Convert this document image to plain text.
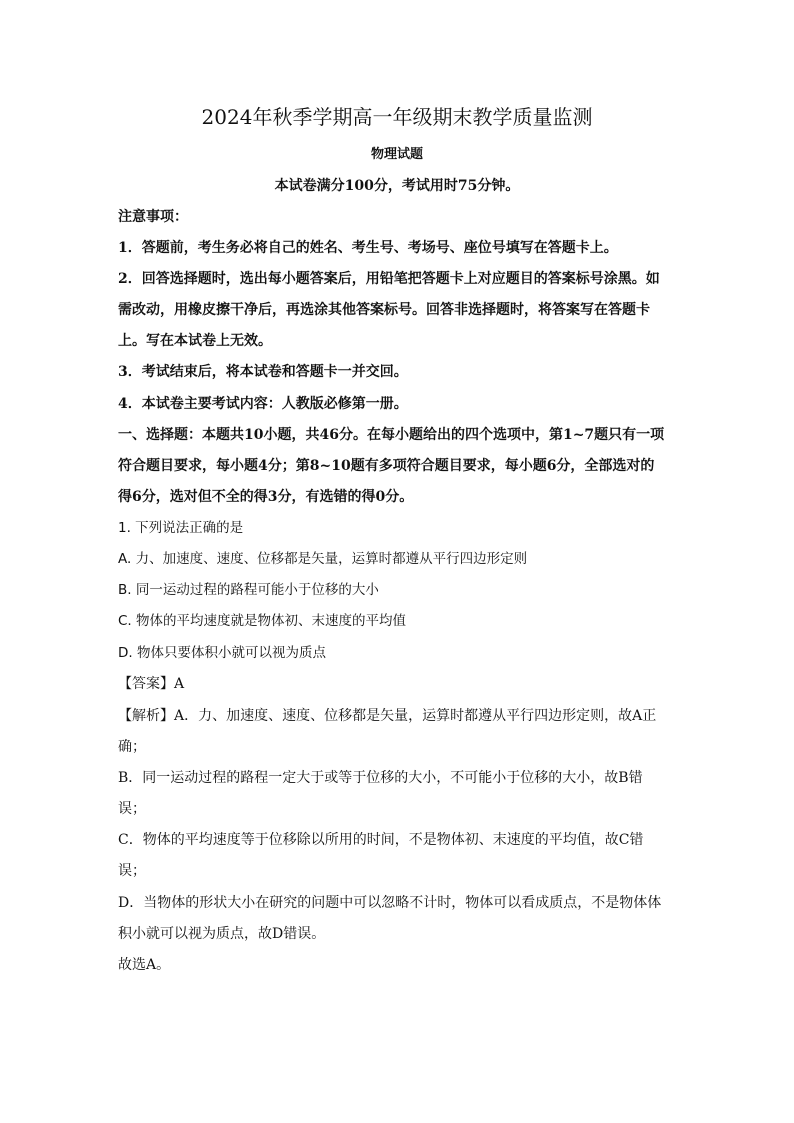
2024年秋季学期高一年级期末教学质量监测
物理试题
本试卷满分100分，考试用时75分钟。
注意事项：
1．答题前，考生务必将自己的姓名、考生号、考场号、座位号填写在答题卡上。
2．回答选择题时，选出每小题答案后，用铅笔把答题卡上对应题目的答案标号涂黑。如
需改动，用橡皮擦干净后，再选涂其他答案标号。回答非选择题时，将答案写在答题卡
上。写在本试卷上无效。
3．考试结束后，将本试卷和答题卡一并交回。
4．本试卷主要考试内容：人教版必修第一册。
一、选择题：本题共10小题，共46分。在每小题给出的四个选项中，第1~7题只有一项
符合题目要求，每小题4分；第8~10题有多项符合题目要求，每小题6分，全部选对的
得6分，选对但不全的得3分，有选错的得0分。
1. 下列说法正确的是
A. 力、加速度、速度、位移都是矢量，运算时都遵从平行四边形定则
B. 同一运动过程的路程可能小于位移的大小
C. 物体的平均速度就是物体初、末速度的平均值
D. 物体只要体积小就可以视为质点
【答案】A
【解析】A．力、加速度、速度、位移都是矢量，运算时都遵从平行四边形定则，故A正
确；
B．同一运动过程的路程一定大于或等于位移的大小，不可能小于位移的大小，故B错
误；
C．物体的平均速度等于位移除以所用的时间，不是物体初、末速度的平均值，故C错
误；
D．当物体的形状大小在研究的问题中可以忽略不计时，物体可以看成质点，不是物体体
积小就可以视为质点，故D错误。
故选A。
